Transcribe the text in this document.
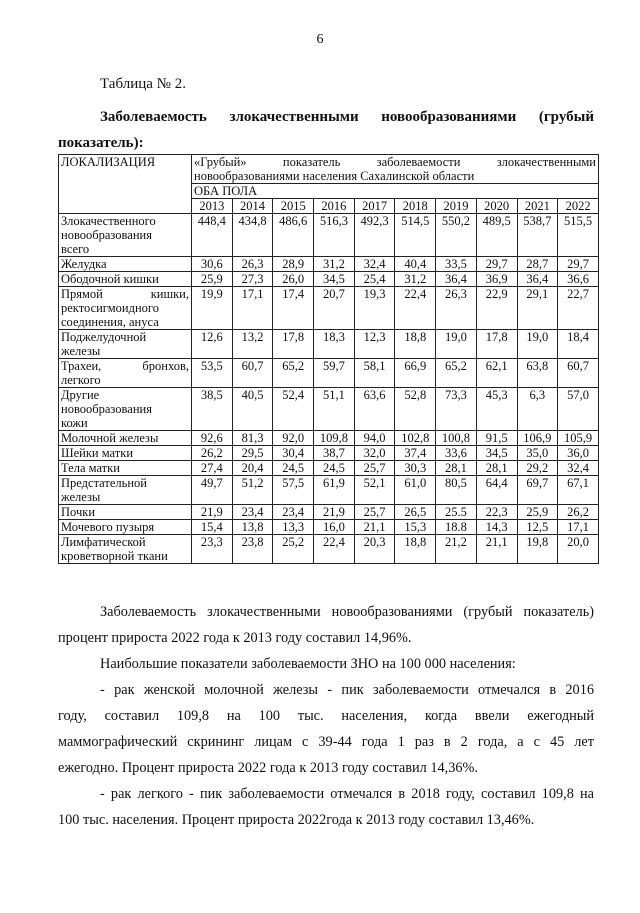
6
Таблица № 2.
Заболеваемость злокачественными новообразованиями (грубый
показатель):
ЛОКАЛИЗАЦИЯ	«Грубый» показатель заболеваемости злокачественными
новообразованиями населения Сахалинской области									

	ОБА ПОЛА									
	2013	2014	2015	2016	2017	2018	2019	2020	2021	2022

Злокачественного
новообразования
всего	448,4	434,8	486,6	516,3	492,3	514,5	550,2	489,5	538,7	515,5

Желудка	30,6	26,3	28,9	31,2	32,4	40,4	33,5	29,7	28,7	29,7

Ободочной кишки	25,9	27,3	26,0	34,5	25,4	31,2	36,4	36,9	36,4	36,6

Прямой кишки,
ректосигмоидного
соединения, ануса	19,9	17,1	17,4	20,7	19,3	22,4	26,3	22,9	29,1	22,7

Поджелудочной
железы	12,6	13,2	17,8	18,3	12,3	18,8	19,0	17,8	19,0	18,4

Трахеи, бронхов,
легкого	53,5	60,7	65,2	59,7	58,1	66,9	65,2	62,1	63,8	60,7

Другие
новообразования
кожи	38,5	40,5	52,4	51,1	63,6	52,8	73,3	45,3	6,3	57,0

Молочной железы	92,6	81,3	92,0	109,8	94,0	102,8	100,8	91,5	106,9	105,9

Шейки матки	26,2	29,5	30,4	38,7	32,0	37,4	33,6	34,5	35,0	36,0

Тела матки	27,4	20,4	24,5	24,5	25,7	30,3	28,1	28,1	29,2	32,4

Предстательной
железы	49,7	51,2	57,5	61,9	52,1	61,0	80,5	64,4	69,7	67,1

Почки	21,9	23,4	23,4	21,9	25,7	26,5	25.5	22,3	25,9	26,2

Мочевого пузыря	15,4	13,8	13,3	16,0	21,1	15,3	18.8	14,3	12,5	17,1

Лимфатической
кроветворной ткани	23,3	23,8	25,2	22,4	20,3	18,8	21,2	21,1	19,8	20,0
Заболеваемость злокачественными новообразованиями (грубый показатель)
процент прироста 2022 года к 2013 году составил 14,96%.
Наибольшие показатели заболеваемости ЗНО на 100 000 населения:
- рак женской молочной железы - пик заболеваемости отмечался в 2016
году, составил 109,8 на 100 тыс. населения, когда ввели ежегодный
маммографический скрининг лицам с 39-44 года 1 раз в 2 года, а с 45 лет
ежегодно. Процент прироста 2022 года к 2013 году составил 14,36%.
- рак легкого - пик заболеваемости отмечался в 2018 году, составил 109,8 на
100 тыс. населения. Процент прироста 2022года к 2013 году составил 13,46%.
